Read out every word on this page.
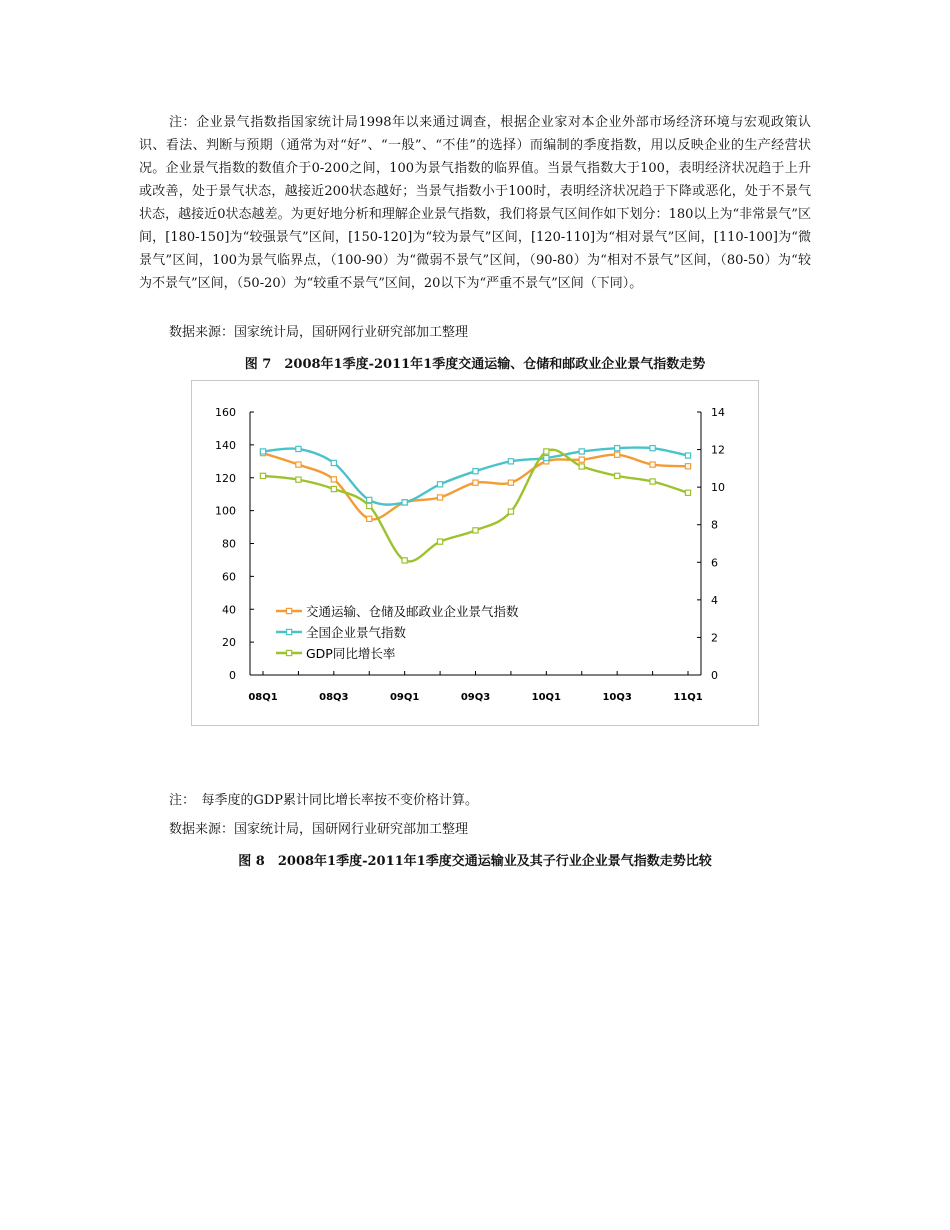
注：企业景气指数指国家统计局1998年以来通过调查，根据企业家对本企业外部市场经济环境与宏观政策认识、看法、判断与预期（通常为对“好”、“一般”、“不佳”的选择）而编制的季度指数，用以反映企业的生产经营状况。企业景气指数的数值介于0-200之间，100为景气指数的临界值。当景气指数大于100，表明经济状况趋于上升或改善，处于景气状态，越接近200状态越好；当景气指数小于100时，表明经济状况趋于下降或恶化，处于不景气状态，越接近0状态越差。为更好地分析和理解企业景气指数，我们将景气区间作如下划分：180以上为“非常景气”区间，[180-150]为“较强景气”区间，[150-120]为“较为景气”区间，[120-110]为“相对景气”区间，[110-100]为“微景气”区间，100为景气临界点，（100-90）为“微弱不景气”区间，（90-80）为“相对不景气”区间，（80-50）为“较为不景气”区间，（50-20）为“较重不景气”区间，20以下为“严重不景气”区间（下同）。

数据来源：国家统计局，国研网行业研究部加工整理

图 7　2008年1季度-2011年1季度交通运输、仓储和邮政业企业景气指数走势

0
20
40
60
80
100
120
140
160
0
2
4
6
8
10
12
14
08Q1	08Q3	09Q1	09Q3	10Q1	10Q3	11Q1
交通运输、仓储及邮政业企业景气指数
全国企业景气指数
GDP同比增长率

注：　每季度的GDP累计同比增长率按不变价格计算。

数据来源：国家统计局，国研网行业研究部加工整理

图 8　2008年1季度-2011年1季度交通运输业及其子行业企业景气指数走势比较
